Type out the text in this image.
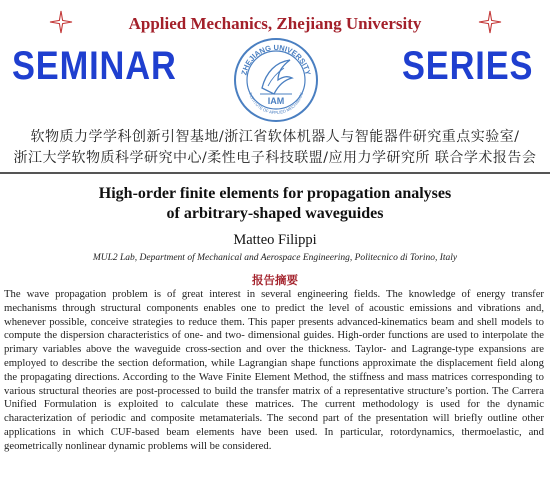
Applied Mechanics, Zhejiang University
SEMINAR	ZHEJIANG UNIVERSITY
INSTITUTE OF APPLIED MECHANICS
IAM
SERIES
软物质力学学科创新引智基地/浙江省软体机器人与智能器件研究重点实验室/
浙江大学软物质科学研究中心/柔性电子科技联盟/应用力学研究所 联合学术报告会
High-order finite elements for propagation analyses
of arbitrary-shaped waveguides
Matteo Filippi
MUL2 Lab, Department of Mechanical and Aerospace Engineering, Politecnico di Torino, Italy
报告摘要
The wave propagation problem is of great interest in several engineering fields. The knowledge of energy transfer mechanisms through structural components enables one to predict the level of acoustic emissions and vibrations and, whenever possible, conceive strategies to reduce them. This paper presents advanced-kinematics beam and shell models to compute the dispersion characteristics of one- and two- dimensional guides. High-order functions are used to interpolate the primary variables above the waveguide cross-section and over the thickness. Taylor- and Lagrange-type expansions are employed to describe the section deformation, while Lagrangian shape functions approximate the displacement field along the propagating directions. According to the Wave Finite Element Method, the stiffness and mass matrices corresponding to various structural theories are post-processed to build the transfer matrix of a representative structure’s portion. The Carrera Unified Formulation is exploited to calculate these matrices. The current methodology is used for the dynamic characterization of periodic and composite metamaterials. The second part of the presentation will briefly outline other applications in which CUF-based beam elements have been used. In particular, rotordynamics, thermoelastic, and geometrically nonlinear dynamic problems will be considered.
